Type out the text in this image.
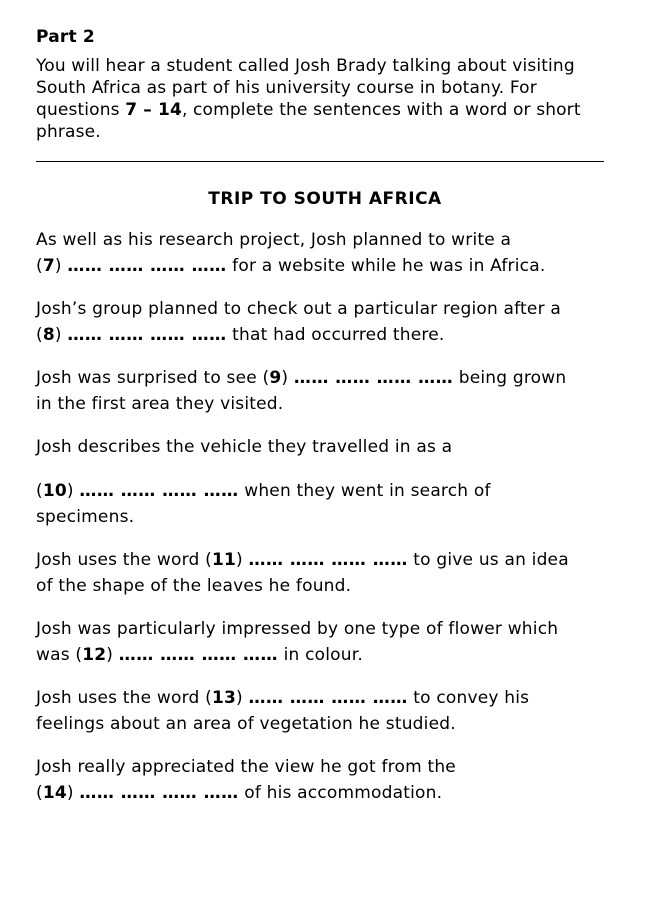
Part 2

You will hear a student called Josh Brady talking about visiting South Africa as part of his university course in botany. For questions 7 – 14, complete the sentences with a word or short phrase.

TRIP TO SOUTH AFRICA

As well as his research project, Josh planned to write a

(7) …… …… …… …… for a website while he was in Africa.

Josh’s group planned to check out a particular region after a

(8) …… …… …… …… that had occurred there.

Josh was surprised to see (9) …… …… …… …… being grown

in the first area they visited.

Josh describes the vehicle they travelled in as a

(10) …… …… …… …… when they went in search of

specimens.

Josh uses the word (11) …… …… …… …… to give us an idea

of the shape of the leaves he found.

Josh was particularly impressed by one type of flower which

was (12) …… …… …… …… in colour.

Josh uses the word (13) …… …… …… …… to convey his

feelings about an area of vegetation he studied.

Josh really appreciated the view he got from the

(14) …… …… …… …… of his accommodation.
